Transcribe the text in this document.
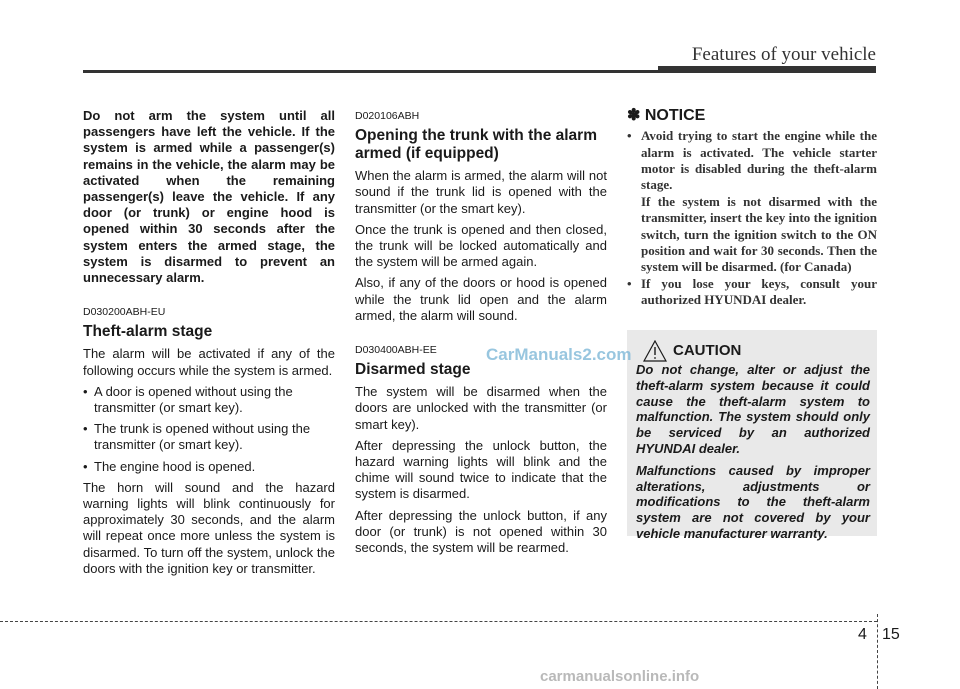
Features of your vehicle

Do not arm the system until all passengers have left the vehicle. If the system is armed while a passenger(s) remains in the vehicle, the alarm may be activated when the remaining passenger(s) leave the vehicle. If any door (or trunk) or engine hood is opened within 30 seconds after the system enters the armed stage, the system is disarmed to prevent an unnecessary alarm.

D030200ABH-EU
Theft-alarm stage

The alarm will be activated if any of the following occurs while the system is armed.

• A door is opened without using the transmitter (or smart key).
• The trunk is opened without using the transmitter (or smart key).
• The engine hood is opened.

The horn will sound and the hazard warning lights will blink continuously for approximately 30 seconds, and the alarm will repeat once more unless the system is disarmed. To turn off the system, unlock the doors with the ignition key or transmitter.

D020106ABH
Opening the trunk with the alarm armed (if equipped)

When the alarm is armed, the alarm will not sound if the trunk lid is opened with the transmitter (or the smart key).

Once the trunk is opened and then closed, the trunk will be locked automatically and the system will be armed again.

Also, if any of the doors or hood is opened while the trunk lid open and the alarm armed, the alarm will sound.

D030400ABH-EE
Disarmed stage

The system will be disarmed when the doors are unlocked with the transmitter (or smart key).

After depressing the unlock button, the hazard warning lights will blink and the chime will sound twice to indicate that the system is disarmed.

After depressing the unlock button, if any door (or trunk) is not opened within 30 seconds, the system will be rearmed.

✽ NOTICE
• Avoid trying to start the engine while the alarm is activated. The vehicle starter motor is disabled during the theft-alarm stage.
If the system is not disarmed with the transmitter, insert the key into the ignition switch, turn the ignition switch to the ON position and wait for 30 seconds. Then the system will be disarmed. (for Canada)
• If you lose your keys, consult your authorized HYUNDAI dealer.
CAUTION

Do not change, alter or adjust the theft-alarm system because it could cause the theft-alarm system to malfunction. The system should only be serviced by an authorized HYUNDAI dealer.

Malfunctions caused by improper alterations, adjustments or modifications to the theft-alarm system are not covered by your vehicle manufacturer warranty.

CarManuals2.com
4 15
carmanualsonline.info
